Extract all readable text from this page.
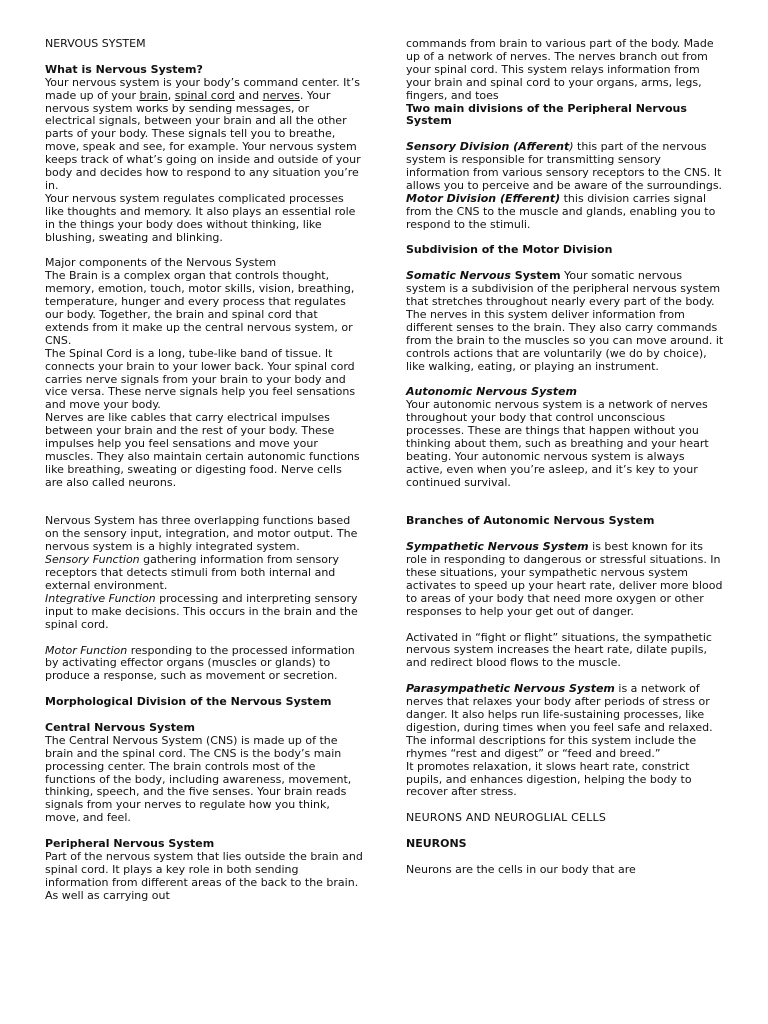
NERVOUS SYSTEM

What is Nervous System?

Your nervous system is your body’s command center. It’s made up of your brain, spinal cord and nerves. Your nervous system works by sending messages, or electrical signals, between your brain and all the other parts of your body. These signals tell you to breathe, move, speak and see, for example. Your nervous system keeps track of what’s going on inside and outside of your body and decides how to respond to any situation you’re in.

Your nervous system regulates complicated processes like thoughts and memory. It also plays an essential role in the things your body does without thinking, like blushing, sweating and blinking.

Major components of the Nervous System

The Brain is a complex organ that controls thought, memory, emotion, touch, motor skills, vision, breathing, temperature, hunger and every process that regulates our body. Together, the brain and spinal cord that extends from it make up the central nervous system, or CNS.

The Spinal Cord is a long, tube-like band of tissue. It connects your brain to your lower back. Your spinal cord carries nerve signals from your brain to your body and vice versa. These nerve signals help you feel sensations and move your body.

Nerves are like cables that carry electrical impulses between your brain and the rest of your body. These impulses help you feel sensations and move your muscles. They also maintain certain autonomic functions like breathing, sweating or digesting food. Nerve cells are also called neurons.

Nervous System has three overlapping functions based on the sensory input, integration, and motor output. The nervous system is a highly integrated system.

Sensory Function gathering information from sensory receptors that detects stimuli from both internal and external environment.

Integrative Function processing and interpreting sensory input to make decisions. This occurs in the brain and the spinal cord.

Motor Function responding to the processed information by activating effector organs (muscles or glands) to produce a response, such as movement or secretion.

Morphological Division of the Nervous System

Central Nervous System

The Central Nervous System (CNS) is made up of the brain and the spinal cord. The CNS is the body’s main processing center. The brain controls most of the functions of the body, including awareness, movement, thinking, speech, and the five senses. Your brain reads signals from your nerves to regulate how you think, move, and feel.

Peripheral Nervous System

Part of the nervous system that lies outside the brain and spinal cord. It plays a key role in both sending information from different areas of the back to the brain. As well as carrying out

commands from brain to various part of the body. Made up of a network of nerves. The nerves branch out from your spinal cord. This system relays information from your brain and spinal cord to your organs, arms, legs, fingers, and toes

Two main divisions of the Peripheral Nervous System

Sensory Division (Afferent) this part of the nervous system is responsible for transmitting sensory information from various sensory receptors to the CNS. It allows you to perceive and be aware of the surroundings.

Motor Division (Efferent) this division carries signal from the CNS to the muscle and glands, enabling you to respond to the stimuli.

Subdivision of the Motor Division

Somatic Nervous System Your somatic nervous system is a subdivision of the peripheral nervous system that stretches throughout nearly every part of the body. The nerves in this system deliver information from different senses to the brain. They also carry commands from the brain to the muscles so you can move around. it controls actions that are voluntarily (we do by choice), like walking, eating, or playing an instrument.

Autonomic Nervous System

Your autonomic nervous system is a network of nerves throughout your body that control unconscious processes. These are things that happen without you thinking about them, such as breathing and your heart beating. Your autonomic nervous system is always active, even when you’re asleep, and it’s key to your continued survival.

Branches of Autonomic Nervous System

Sympathetic Nervous System is best known for its role in responding to dangerous or stressful situations. In these situations, your sympathetic nervous system activates to speed up your heart rate, deliver more blood to areas of your body that need more oxygen or other responses to help your get out of danger.

Activated in “fight or flight” situations, the sympathetic nervous system increases the heart rate, dilate pupils, and redirect blood flows to the muscle.

Parasympathetic Nervous System is a network of nerves that relaxes your body after periods of stress or danger. It also helps run life-sustaining processes, like digestion, during times when you feel safe and relaxed. The informal descriptions for this system include the rhymes “rest and digest” or “feed and breed.”

It promotes relaxation, it slows heart rate, constrict pupils, and enhances digestion, helping the body to recover after stress.

NEURONS AND NEUROGLIAL CELLS

NEURONS

Neurons are the cells in our body that are
